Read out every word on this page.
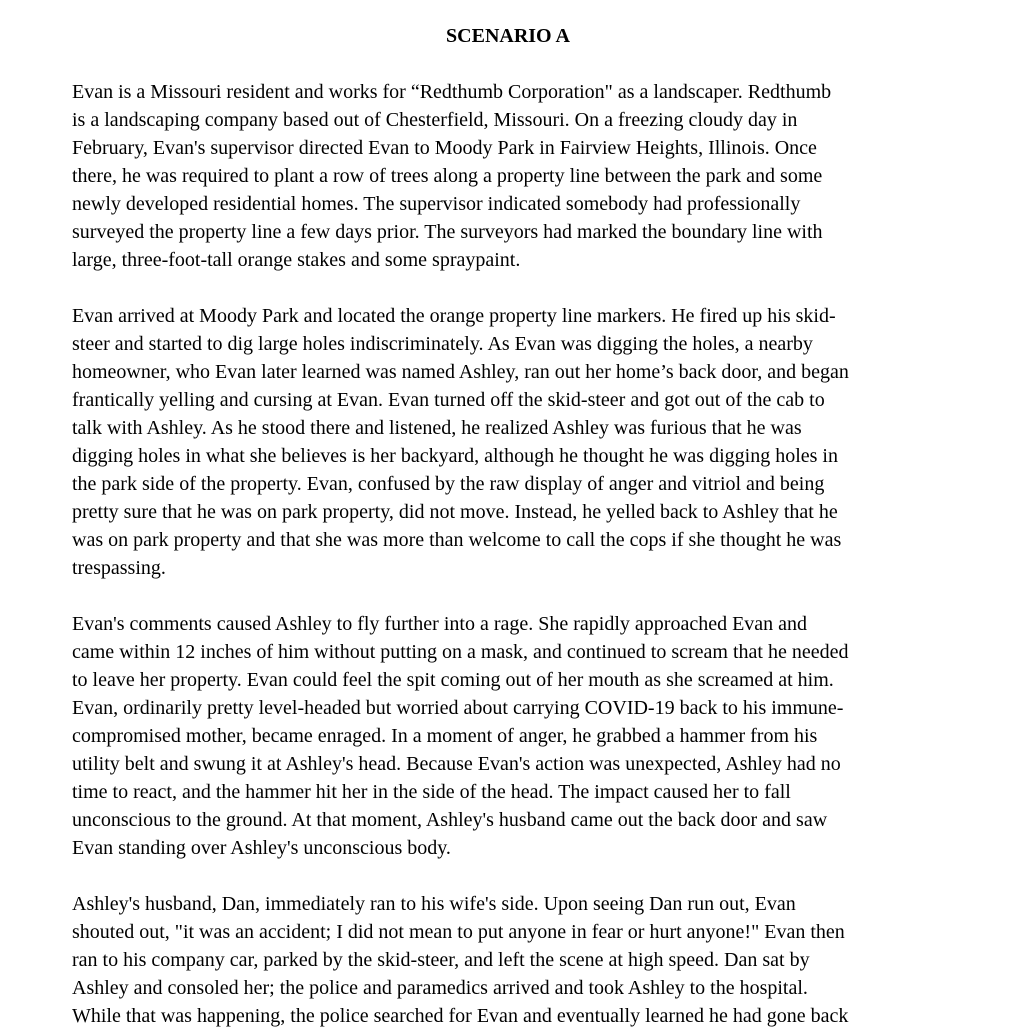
SCENARIO A

Evan is a Missouri resident and works for “Redthumb Corporation" as a landscaper. Redthumb
is a landscaping company based out of Chesterfield, Missouri. On a freezing cloudy day in
February, Evan's supervisor directed Evan to Moody Park in Fairview Heights, Illinois. Once
there, he was required to plant a row of trees along a property line between the park and some
newly developed residential homes. The supervisor indicated somebody had professionally
surveyed the property line a few days prior. The surveyors had marked the boundary line with
large, three-foot-tall orange stakes and some spraypaint.

Evan arrived at Moody Park and located the orange property line markers. He fired up his skid-
steer and started to dig large holes indiscriminately. As Evan was digging the holes, a nearby
homeowner, who Evan later learned was named Ashley, ran out her home’s back door, and began
frantically yelling and cursing at Evan. Evan turned off the skid-steer and got out of the cab to
talk with Ashley. As he stood there and listened, he realized Ashley was furious that he was
digging holes in what she believes is her backyard, although he thought he was digging holes in
the park side of the property. Evan, confused by the raw display of anger and vitriol and being
pretty sure that he was on park property, did not move. Instead, he yelled back to Ashley that he
was on park property and that she was more than welcome to call the cops if she thought he was
trespassing.

Evan's comments caused Ashley to fly further into a rage. She rapidly approached Evan and
came within 12 inches of him without putting on a mask, and continued to scream that he needed
to leave her property. Evan could feel the spit coming out of her mouth as she screamed at him.
Evan, ordinarily pretty level-headed but worried about carrying COVID-19 back to his immune-
compromised mother, became enraged. In a moment of anger, he grabbed a hammer from his
utility belt and swung it at Ashley's head. Because Evan's action was unexpected, Ashley had no
time to react, and the hammer hit her in the side of the head. The impact caused her to fall
unconscious to the ground. At that moment, Ashley's husband came out the back door and saw
Evan standing over Ashley's unconscious body.

Ashley's husband, Dan, immediately ran to his wife's side. Upon seeing Dan run out, Evan
shouted out, "it was an accident; I did not mean to put anyone in fear or hurt anyone!" Evan then
ran to his company car, parked by the skid-steer, and left the scene at high speed. Dan sat by
Ashley and consoled her; the police and paramedics arrived and took Ashley to the hospital.
While that was happening, the police searched for Evan and eventually learned he had gone back
